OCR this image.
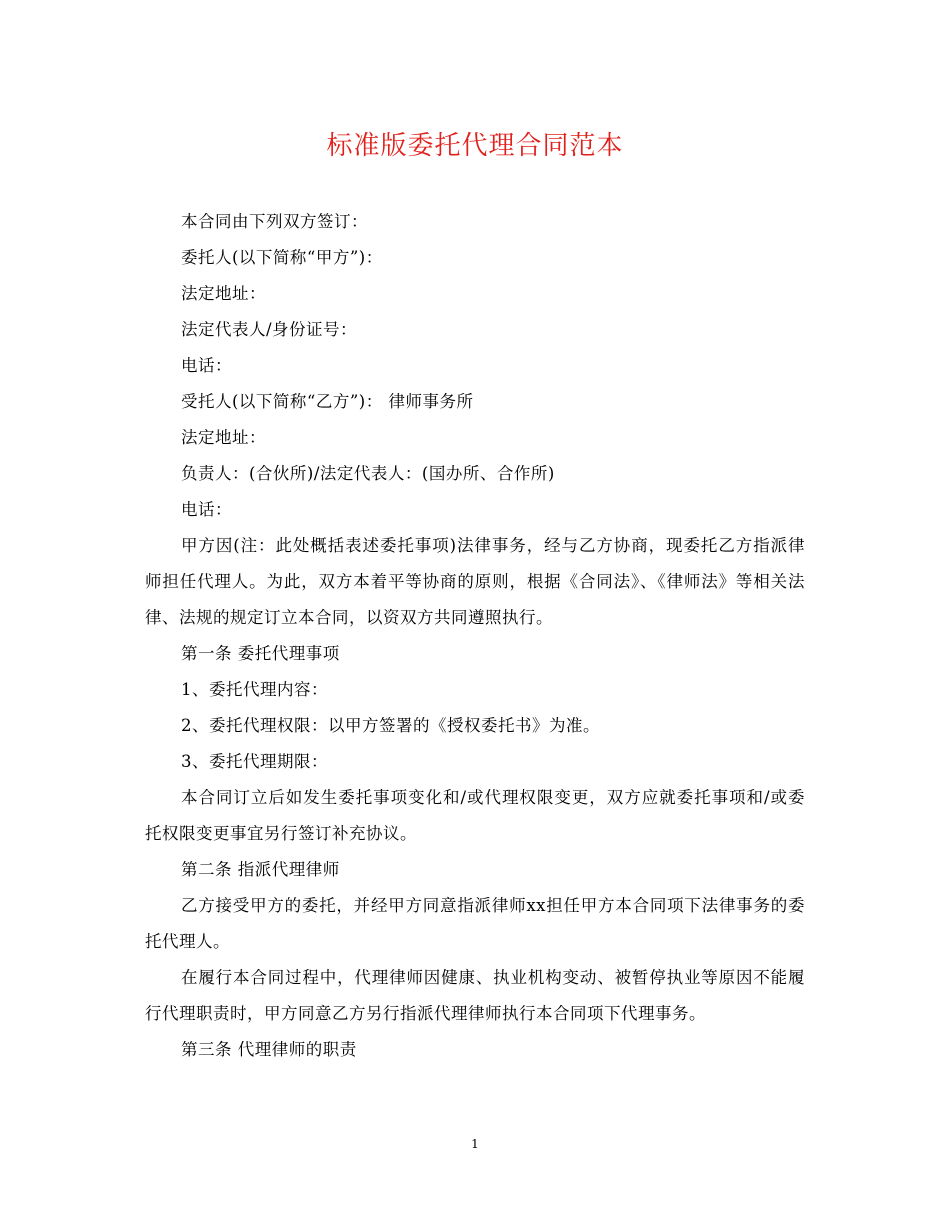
标准版委托代理合同范本

本合同由下列双方签订：

委托人(以下简称“甲方”)：

法定地址：

法定代表人/身份证号：

电话：

受托人(以下简称“乙方”)： 律师事务所

法定地址：

负责人：(合伙所)/法定代表人：(国办所、合作所)

电话：

甲方因(注：此处概括表述委托事项)法律事务，经与乙方协商，现委托乙方指派律师担任代理人。为此，双方本着平等协商的原则，根据《合同法》、《律师法》等相关法律、法规的规定订立本合同，以资双方共同遵照执行。

第一条 委托代理事项

1、委托代理内容：

2、委托代理权限：以甲方签署的《授权委托书》为准。

3、委托代理期限：

本合同订立后如发生委托事项变化和/或代理权限变更，双方应就委托事项和/或委托权限变更事宜另行签订补充协议。

第二条 指派代理律师

乙方接受甲方的委托，并经甲方同意指派律师xx担任甲方本合同项下法律事务的委托代理人。

在履行本合同过程中，代理律师因健康、执业机构变动、被暂停执业等原因不能履行代理职责时，甲方同意乙方另行指派代理律师执行本合同项下代理事务。

第三条 代理律师的职责

1
